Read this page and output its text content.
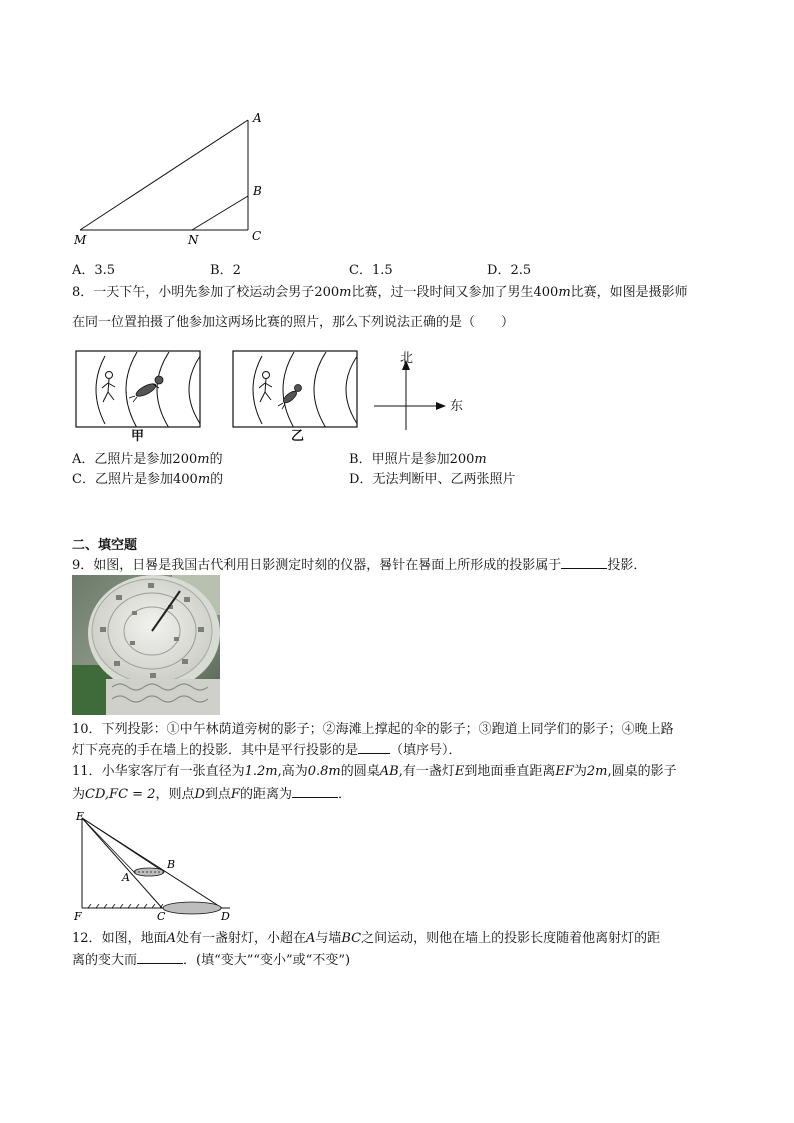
A
B
C
M	N
A．3.5	B．2	C．1.5	D．2.5
8．一天下午，小明先参加了校运动会男子200m比赛，过一段时间又参加了男生400m比赛，如图是摄影师
在同一位置拍摄了他参加这两场比赛的照片，那么下列说法正确的是（　　）
甲	乙
北
东
A．乙照片是参加200m的	B．甲照片是参加200m
C．乙照片是参加400m的	D．无法判断甲、乙两张照片
二、填空题
9．如图，日晷是我国古代利用日影测定时刻的仪器，晷针在晷面上所形成的投影属于	投影．
10．下列投影：①中午林荫道旁树的影子；②海滩上撑起的伞的影子；③跑道上同学们的影子；④晚上路
灯下亮亮的手在墙上的投影．其中是平行投影的是 （填序号）．
11．小华家客厅有一张直径为1.2m,高为0.8m的圆桌AB,有一盏灯E到地面垂直距离EF为2m,圆桌的影子
为CD,FC = 2，则点D到点F的距离为	．
E
B
A
F	C	D
12．如图，地面A处有一盏射灯，小超在A与墙BC之间运动，则他在墙上的投影长度随着他离射灯的距
离的变大而	．(填“变大”“变小”或“不变”)
